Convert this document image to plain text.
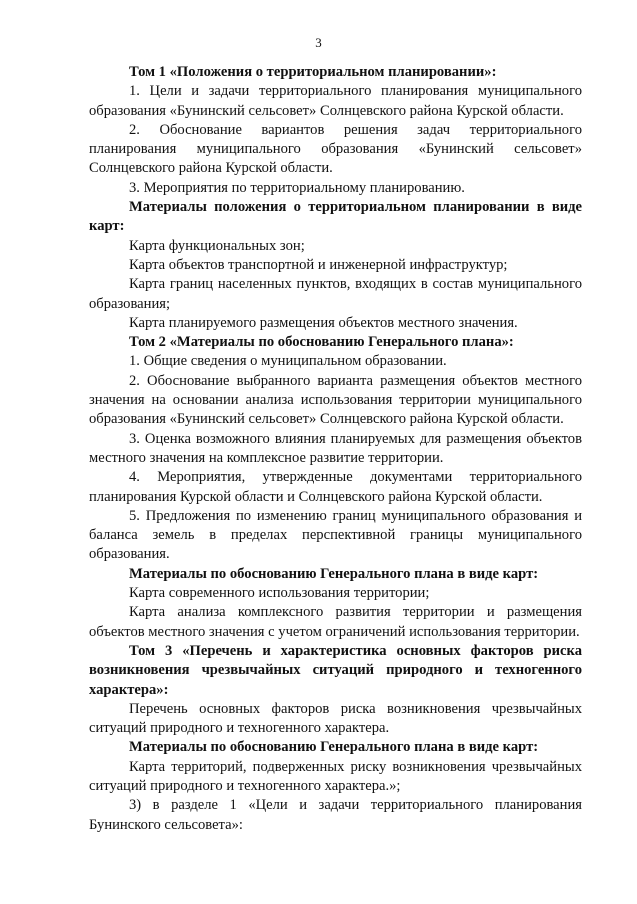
3

Том 1 «Положения о территориальном планировании»:

1. Цели и задачи территориального планирования муниципального образования «Бунинский сельсовет» Солнцевского района Курской области.

2. Обоснование вариантов решения задач территориального планирования муниципального образования «Бунинский сельсовет» Солнцевского района Курской области.

3. Мероприятия по территориальному планированию.

Материалы положения о территориальном планировании в виде карт:

Карта функциональных зон;

Карта объектов транспортной и инженерной инфраструктур;

Карта границ населенных пунктов, входящих в состав муниципального образования;

Карта планируемого размещения объектов местного значения.

Том 2 «Материалы по обоснованию Генерального плана»:

1. Общие сведения о муниципальном образовании.

2. Обоснование выбранного варианта размещения объектов местного значения на основании анализа использования территории муниципального образования «Бунинский сельсовет» Солнцевского района Курской области.

3. Оценка возможного влияния планируемых для размещения объектов местного значения на комплексное развитие территории.

4. Мероприятия, утвержденные документами территориального планирования Курской области и Солнцевского района Курской области.

5. Предложения по изменению границ муниципального образования и баланса земель в пределах перспективной границы муниципального образования.

Материалы по обоснованию Генерального плана в виде карт:

Карта современного использования территории;

Карта анализа комплексного развития территории и размещения объектов местного значения с учетом ограничений использования территории.

Том 3 «Перечень и характеристика основных факторов риска возникновения чрезвычайных ситуаций природного и техногенного характера»:

Перечень основных факторов риска возникновения чрезвычайных ситуаций природного и техногенного характера.

Материалы по обоснованию Генерального плана в виде карт:

Карта территорий, подверженных риску возникновения чрезвычайных ситуаций природного и техногенного характера.»;

3) в разделе 1 «Цели и задачи территориального планирования Бунинского сельсовета»:
